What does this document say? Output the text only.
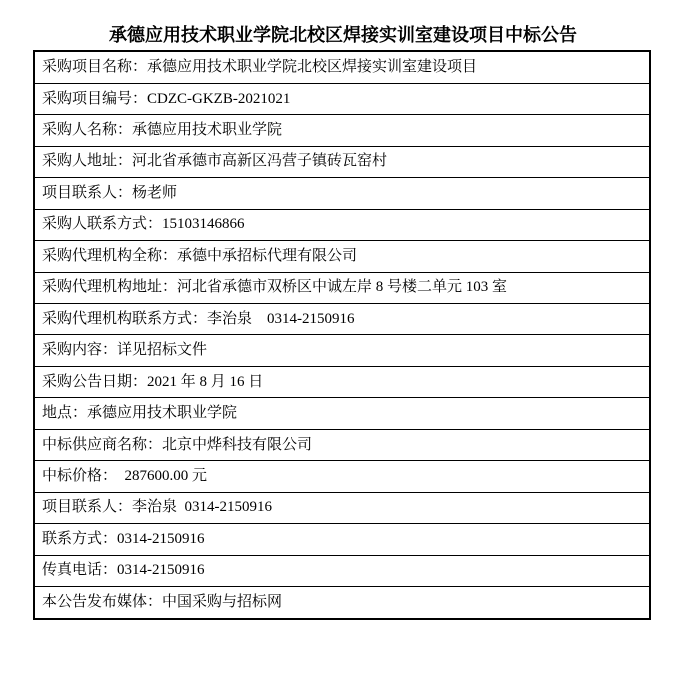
承德应用技术职业学院北校区焊接实训室建设项目中标公告
采购项目名称：承德应用技术职业学院北校区焊接实训室建设项目
采购项目编号：CDZC-GKZB-2021021
采购人名称：承德应用技术职业学院
采购人地址：河北省承德市高新区冯营子镇砖瓦窑村
项目联系人：杨老师
采购人联系方式：15103146866
采购代理机构全称：承德中承招标代理有限公司
采购代理机构地址：河北省承德市双桥区中诚左岸 8 号楼二单元 103 室
采购代理机构联系方式：李治泉    0314-2150916
采购内容：详见招标文件
采购公告日期：2021 年 8 月 16 日
地点：承德应用技术职业学院
中标供应商名称：北京中烨科技有限公司
中标价格：  287600.00 元
项目联系人：李治泉  0314-2150916
联系方式：0314-2150916
传真电话：0314-2150916
本公告发布媒体：中国采购与招标网
